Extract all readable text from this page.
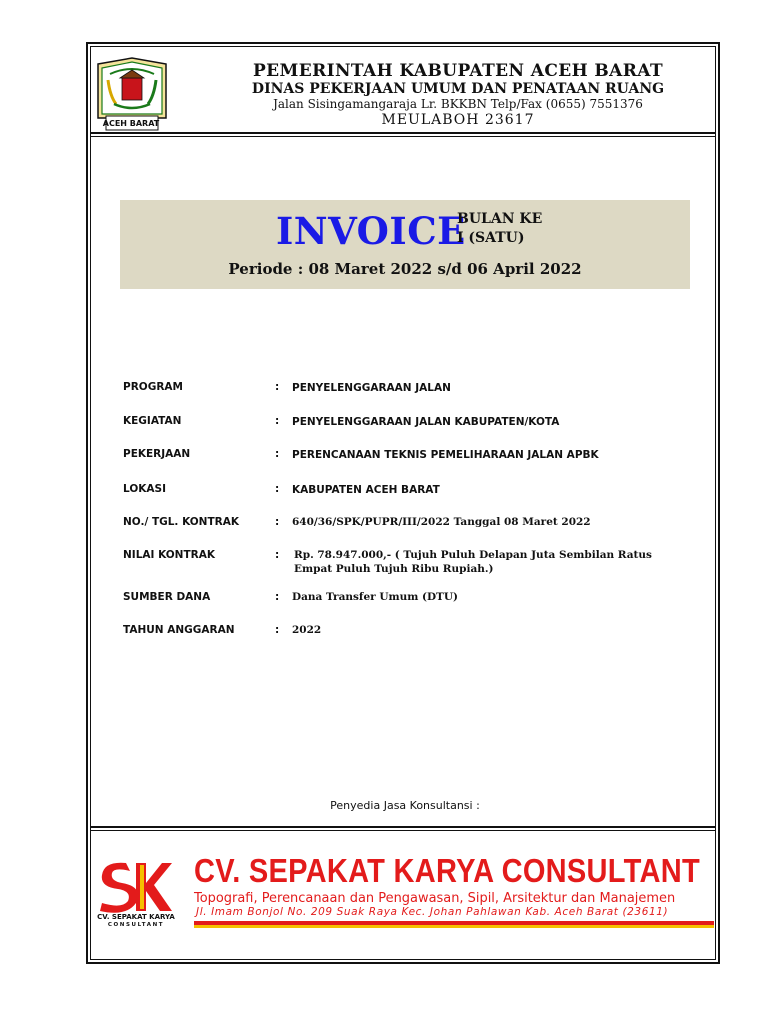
ACEH BARAT
PEMERINTAH KABUPATEN ACEH BARAT
DINAS PEKERJAAN UMUM DAN PENATAAN RUANG
Jalan Sisingamangaraja Lr. BKKBN Telp/Fax (0655) 7551376
MEULABOH 23617
INVOICE
BULAN KE
I (SATU)
Periode : 08 Maret 2022 s/d 06 April 2022
PROGRAM	: PENYELENGGARAAN JALAN
KEGIATAN	: PENYELENGGARAAN JALAN KABUPATEN/KOTA
PEKERJAAN	: PERENCANAAN TEKNIS PEMELIHARAAN JALAN APBK
LOKASI	: KABUPATEN ACEH BARAT
NO./ TGL. KONTRAK	: 640/36/SPK/PUPR/III/2022 Tanggal 08 Maret 2022
NILAI KONTRAK	: Rp. 78.947.000,- ( Tujuh Puluh Delapan Juta Sembilan Ratus Empat Puluh Tujuh Ribu Rupiah.)
SUMBER DANA	: Dana Transfer Umum (DTU)
TAHUN ANGGARAN	: 2022
Penyedia Jasa Konsultansi :
CV. SEPAKAT KARYA
CONSULTANT
CV. SEPAKAT KARYA CONSULTANT
Topografi, Perencanaan dan Pengawasan, Sipil, Arsitektur dan Manajemen
Jl. Imam Bonjol No. 209 Suak Raya Kec. Johan Pahlawan Kab. Aceh Barat (23611)
